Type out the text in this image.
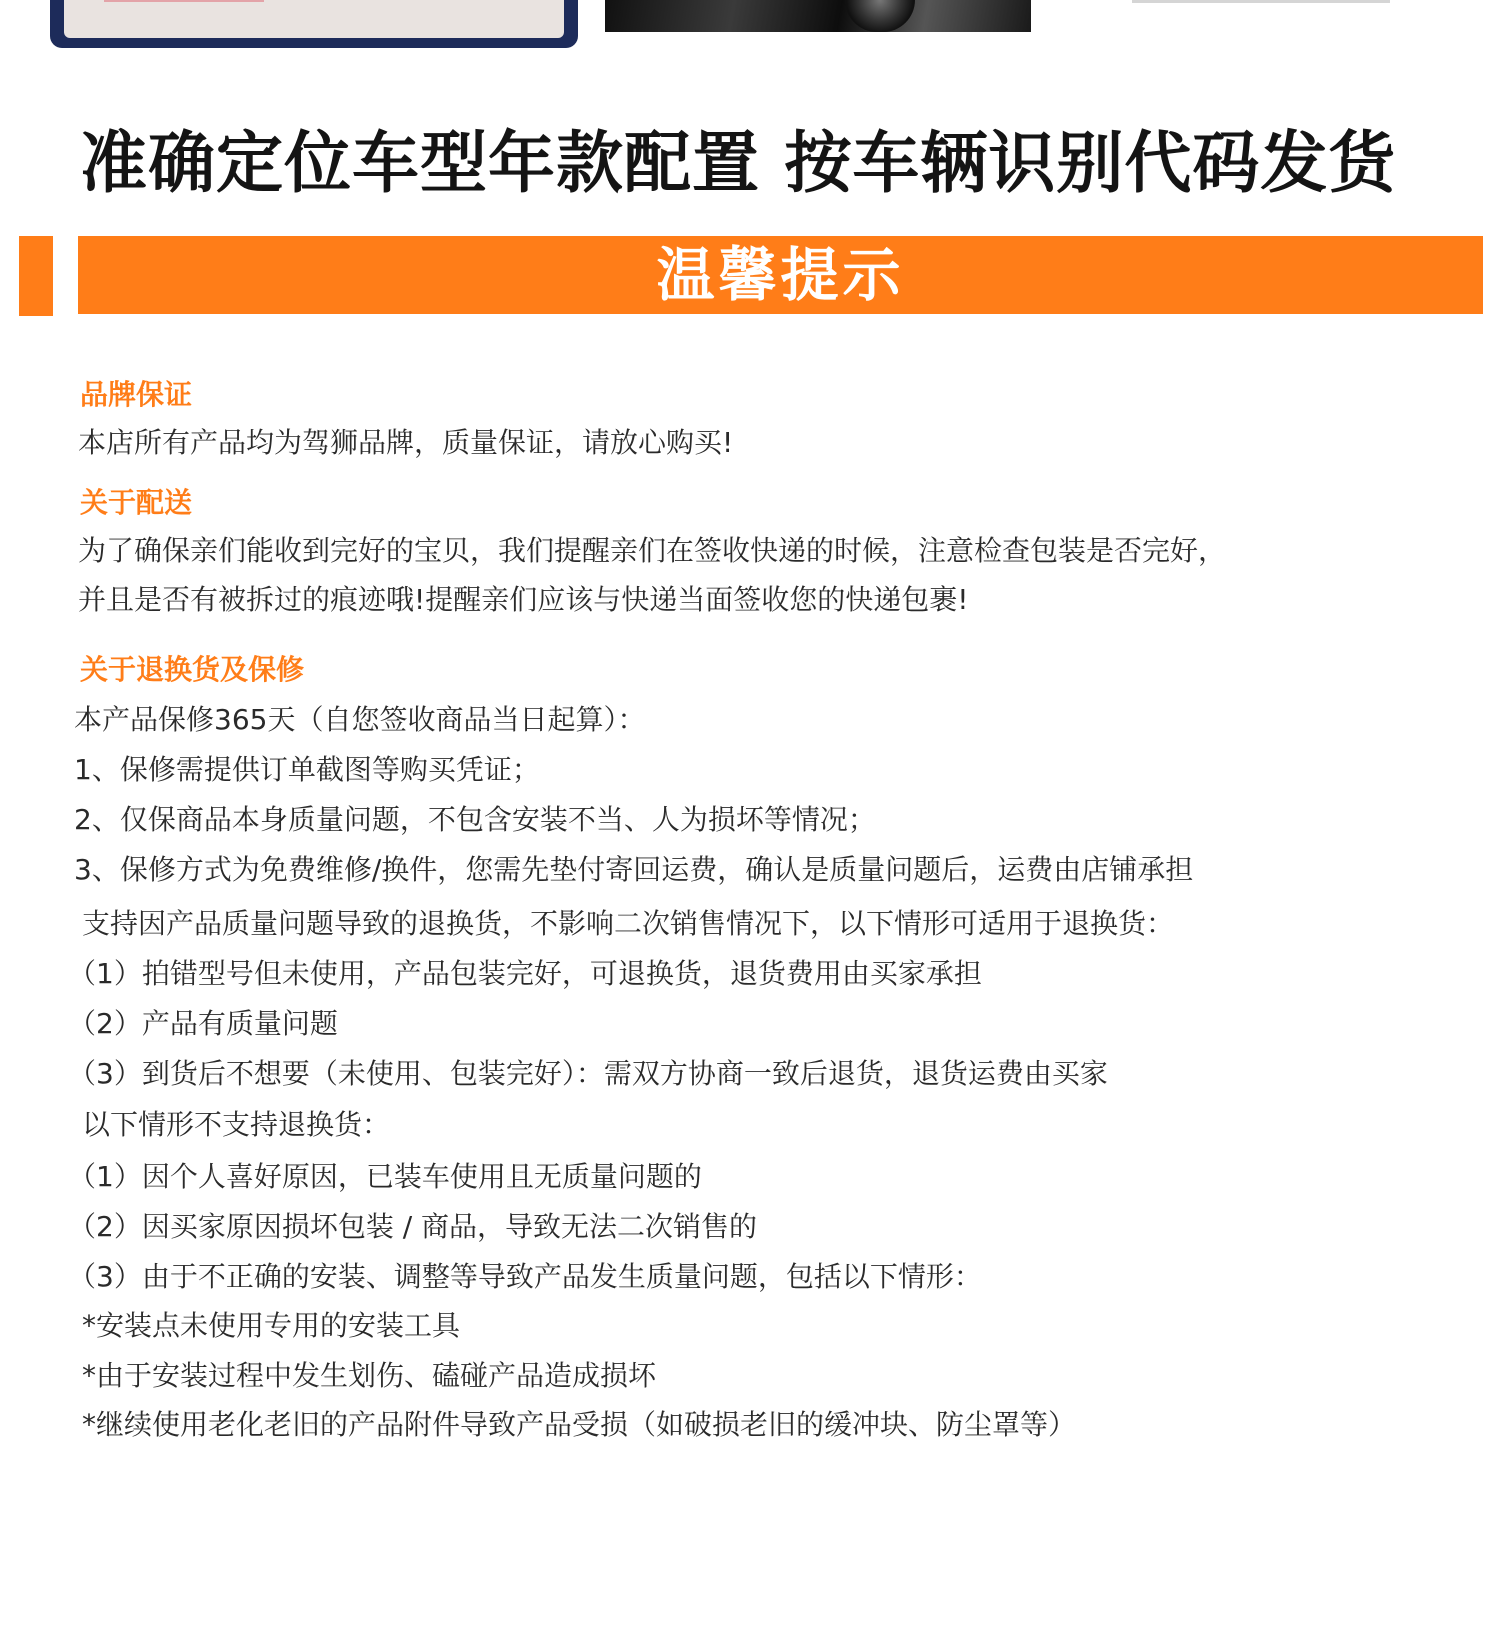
准确定位车型年款配置 按车辆识别代码发货
温馨提示
品牌保证
本店所有产品均为驾狮品牌，质量保证，请放心购买!
关于配送
为了确保亲们能收到完好的宝贝，我们提醒亲们在签收快递的时候，注意检查包装是否完好，
并且是否有被拆过的痕迹哦!提醒亲们应该与快递当面签收您的快递包裹!
关于退换货及保修
本产品保修365天（自您签收商品当日起算）：
1、保修需提供订单截图等购买凭证；
2、仅保商品本身质量问题，不包含安装不当、人为损坏等情况；
3、保修方式为免费维修/换件，您需先垫付寄回运费，确认是质量问题后，运费由店铺承担
支持因产品质量问题导致的退换货，不影响二次销售情况下，以下情形可适用于退换货：
（1）拍错型号但未使用，产品包装完好，可退换货，退货费用由买家承担
（2）产品有质量问题
（3）到货后不想要（未使用、包装完好）：需双方协商一致后退货，退货运费由买家
以下情形不支持退换货：
（1）因个人喜好原因，已装车使用且无质量问题的
（2）因买家原因损坏包装 / 商品，导致无法二次销售的
（3）由于不正确的安装、调整等导致产品发生质量问题，包括以下情形：
*安装点未使用专用的安装工具
*由于安装过程中发生划伤、磕碰产品造成损坏
*继续使用老化老旧的产品附件导致产品受损（如破损老旧的缓冲块、防尘罩等）
